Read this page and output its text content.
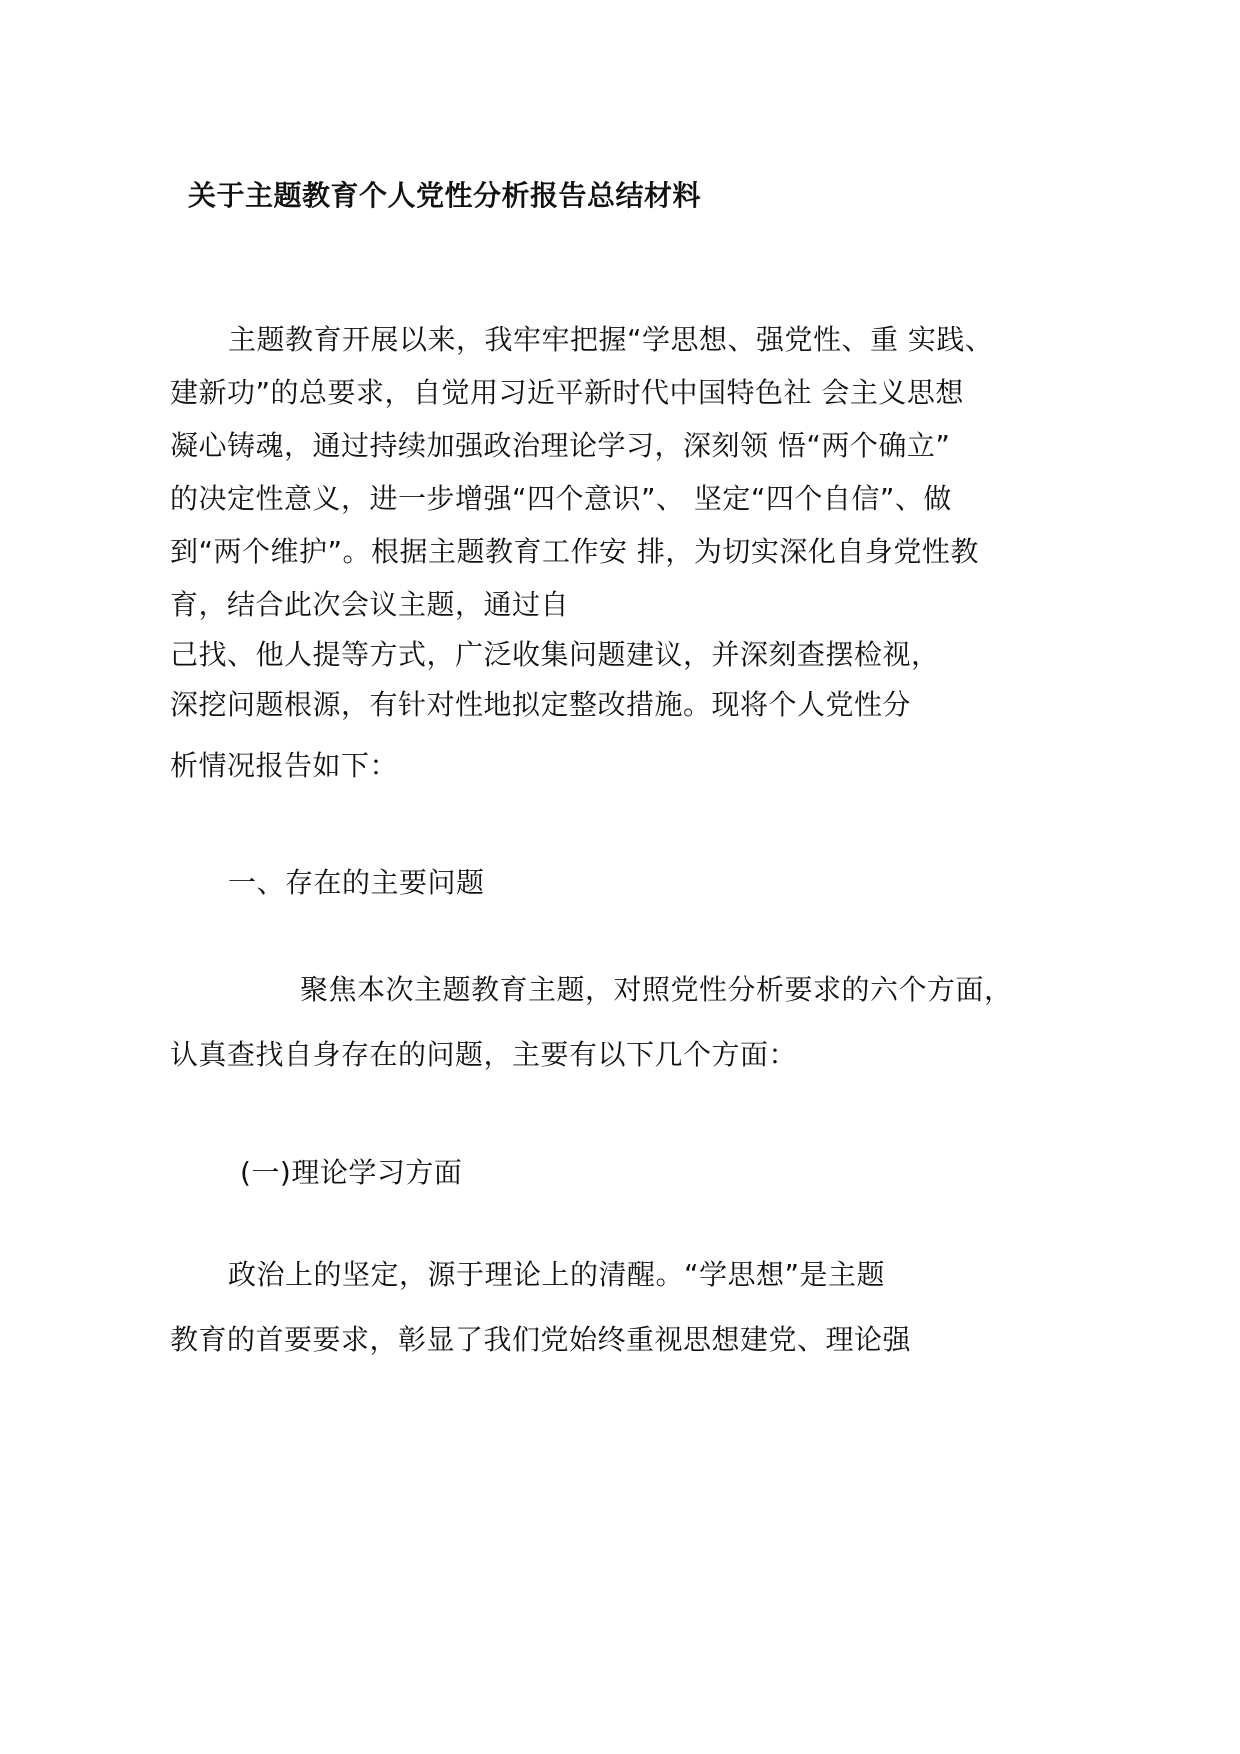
关于主题教育个人党性分析报告总结材料
主题教育开展以来，我牢牢把握“学思想、强党性、重 实践、
建新功”的总要求，自觉用习近平新时代中国特色社 会主义思想
凝心铸魂，通过持续加强政治理论学习，深刻领 悟“两个确立”
的决定性意义，进一步增强“四个意识”、 坚定“四个自信”、做
到“两个维护”。根据主题教育工作安 排，为切实深化自身党性教
育，结合此次会议主题，通过自
己找、他人提等方式，广泛收集问题建议，并深刻查摆检视，
深挖问题根源，有针对性地拟定整改措施。现将个人党性分
析情况报告如下：
一、存在的主要问题
聚焦本次主题教育主题，对照党性分析要求的六个方面，
认真查找自身存在的问题，主要有以下几个方面：
(一)理论学习方面
政治上的坚定，源于理论上的清醒。“学思想”是主题
教育的首要要求，彰显了我们党始终重视思想建党、理论强
